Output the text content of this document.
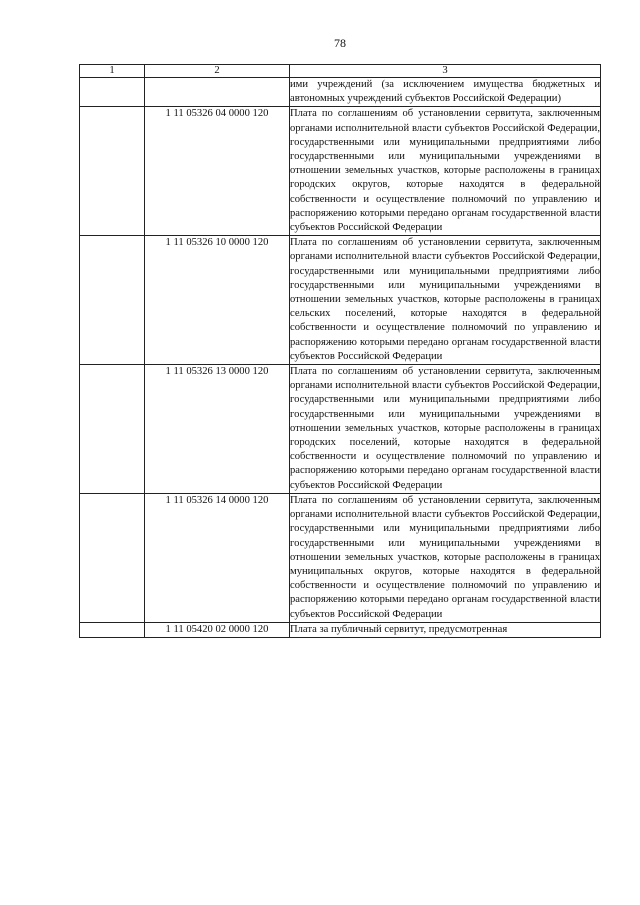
78
1	2	3

		ими учреждений (за исключением имущества бюджетных и автономных учреждений субъектов Российской Федерации)

	1 11 05326 04 0000 120	Плата по соглашениям об установлении сервитута, заключенным органами исполнительной власти субъектов Российской Федерации, государственными или муниципальными предприятиями либо государственными или муниципальными учреждениями в отношении земельных участков, которые расположены в границах городских округов, которые находятся в федеральной собственности и осуществление полномочий по управлению и распоряжению которыми передано органам государственной власти субъектов Российской Федерации

	1 11 05326 10 0000 120	Плата по соглашениям об установлении сервитута, заключенным органами исполнительной власти субъектов Российской Федерации, государственными или муниципальными предприятиями либо государственными или муниципальными учреждениями в отношении земельных участков, которые расположены в границах сельских поселений, которые находятся в федеральной собственности и осуществление полномочий по управлению и распоряжению которыми передано органам государственной власти субъектов Российской Федерации

	1 11 05326 13 0000 120	Плата по соглашениям об установлении сервитута, заключенным органами исполнительной власти субъектов Российской Федерации, государственными или муниципальными предприятиями либо государственными или муниципальными учреждениями в отношении земельных участков, которые расположены в границах городских поселений, которые находятся в федеральной собственности и осуществление полномочий по управлению и распоряжению которыми передано органам государственной власти субъектов Российской Федерации

	1 11 05326 14 0000 120	Плата по соглашениям об установлении сервитута, заключенным органами исполнительной власти субъектов Российской Федерации, государственными или муниципальными предприятиями либо государственными или муниципальными учреждениями в отношении земельных участков, которые расположены в границах муниципальных округов, которые находятся в федеральной собственности и осуществление полномочий по управлению и распоряжению которыми передано органам государственной власти субъектов Российской Федерации

	1 11 05420 02 0000 120	Плата за публичный сервитут, предусмотренная
